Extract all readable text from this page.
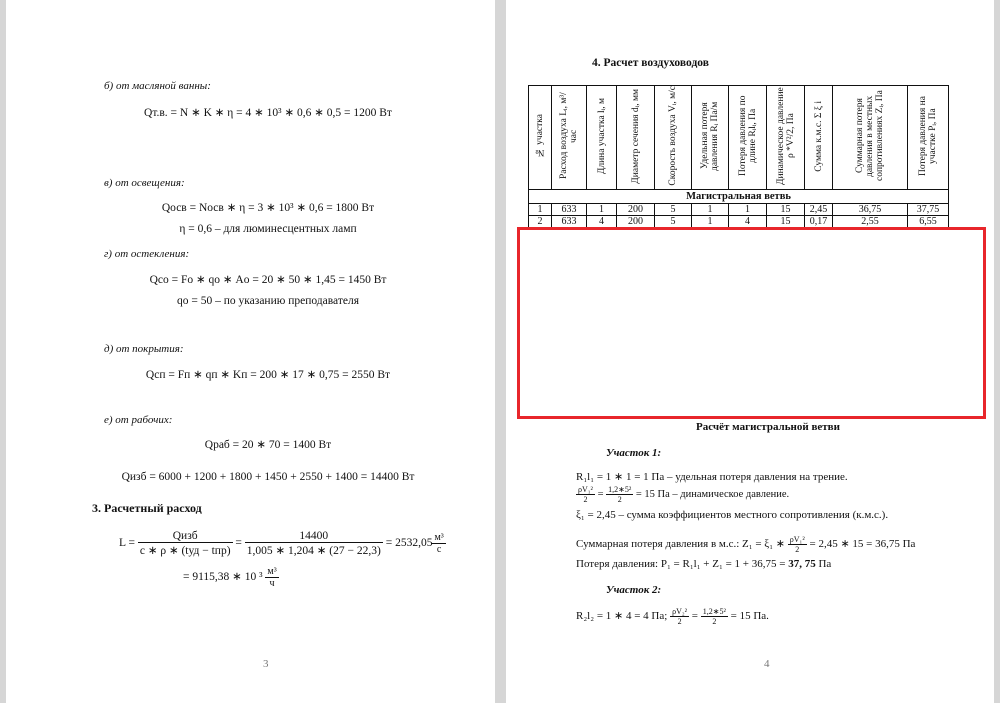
б) от масляной ванны:
Qт.в. = N ∗ K ∗ η = 4 ∗ 10³ ∗ 0,6 ∗ 0,5 = 1200 Вт
в) от освещения:
Qосв = Nосв ∗ η = 3 ∗ 10³ ∗ 0,6 = 1800 Вт
η = 0,6 – для люминесцентных ламп
г) от остекления:
Qсо = Fо ∗ qо ∗ Aо = 20 ∗ 50 ∗ 1,45 = 1450 Вт
qо = 50 – по указанию преподавателя
д) от покрытия:
Qсп = Fп ∗ qп ∗ Kп = 200 ∗ 17 ∗ 0,75 = 2550 Вт
е) от рабочих:
Qраб = 20 ∗ 70 = 1400 Вт
Qизб = 6000 + 1200 + 1800 + 1450 + 2550 + 1400 = 14400 Вт
3. Расчетный расход
$L = \frac{\text{Qизб}}{\text{c ∗ ρ ∗ (tуд − tпр)}} = \frac{14400}{1,005 ∗ 1,204 ∗ (27 - 22,3)} = 2532,05 \frac{\text{м³}}{с}$
= 9115,38 ∗ 10 $^3 \frac{\text{м³}}{ч}$
3
4. Расчет воздуховодов
№ участка	Расход воздуха Lᵢ, м³/час	Длина участка lᵢ, м	Диаметр сечения dᵢ, мм	Скорость воздуха Vᵢ, м/с	Удельная потеря давления Rᵢ Па/м	Потеря давления по длине Rᵢlᵢ, Па	Динамическое давление ρ *V²/2, Па	Сумма к.м.с. Σ ξ i	Суммарная потеря давления в местных сопротивлениях Zᵢ, Па	Потеря давления на участке Pᵢ, Па
Магистральная ветвь										
1	633	1	200	5	1	1	15	2,45	36,75	37,75
2	633	4	200	5	1	4	15	0,17	2,55	6,55
Расчёт магистральной ветви
Участок 1:
R₁l₁ = 1 ∗ 1 = 1 Па – удельная потеря давления на трение.
$\frac{\text{ρV₁²}}{2} = \frac{\text{1,2∗5²}}{2} = 15$ Па – динамическое давление.
ξ₁ = 2,45 – сумма коэффициентов местного сопротивления (к.м.с.).
Суммарная потеря давления в м.с.: Z₁ = ξ₁ ∗ $\frac{\text{ρV₁²}}{2} = 2,45$ ∗ 15 = 36,75 Па
Потеря давления: P₁ = R₁l₁ + Z₁ = 1 + 36,75 = 37, 75 Па
Участок 2:
R₂l₂ = 1 ∗ 4 = 4 Па; $\frac{\text{ρV₂²}}{2} = \frac{\text{1,2∗5²}}{2} = 15$ Па.
4
